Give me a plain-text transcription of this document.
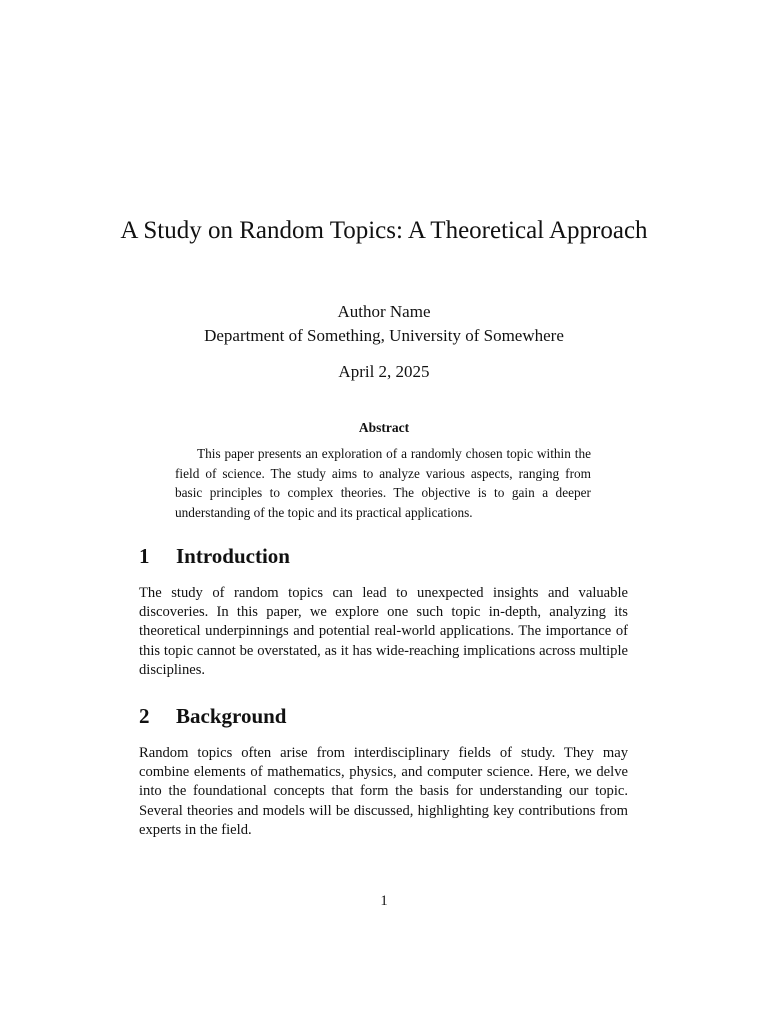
A Study on Random Topics: A Theoretical Approach
Author Name
Department of Something, University of Somewhere
April 2, 2025
Abstract

This paper presents an exploration of a randomly chosen topic within the field of science. The study aims to analyze various aspects, ranging from basic principles to complex theories. The objective is to gain a deeper understanding of the topic and its practical applications.

1 Introduction

The study of random topics can lead to unexpected insights and valuable discoveries. In this paper, we explore one such topic in-depth, analyzing its theoretical underpinnings and potential real-world applications. The importance of this topic cannot be overstated, as it has wide-reaching implications across multiple disciplines.

2 Background

Random topics often arise from interdisciplinary fields of study. They may combine elements of mathematics, physics, and computer science. Here, we delve into the foundational concepts that form the basis for understanding our topic. Several theories and models will be discussed, highlighting key contributions from experts in the field.

1
